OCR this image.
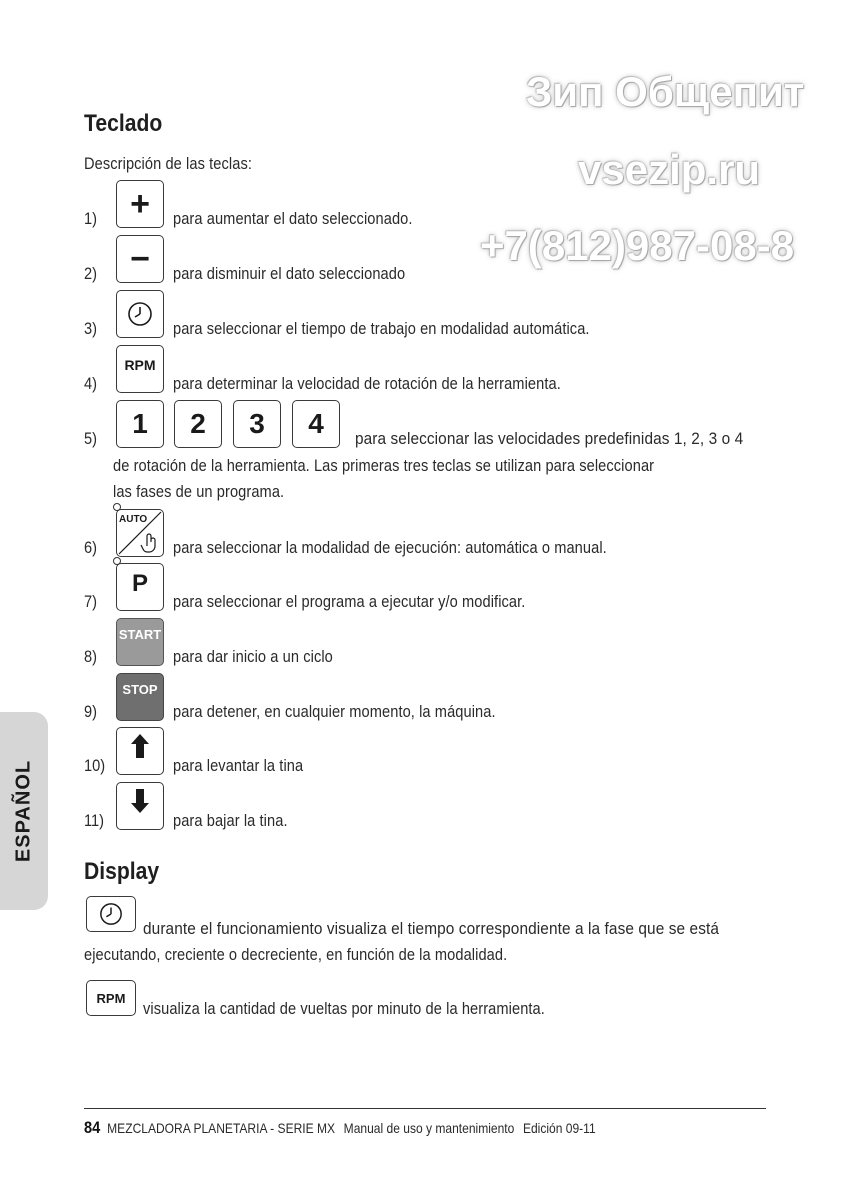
Зип Общепит
vsezip.ru
+7(812)987-08-8
Teclado
Descripción de las teclas:
1) + para aumentar el dato seleccionado.
2) − para disminuir el dato seleccionado
3)	para seleccionar el tiempo de trabajo en modalidad automática.
4)
RPM
para determinar la velocidad de rotación de la herramienta.
5) 1 2 3 4 para seleccionar las velocidades predefinidas 1, 2, 3 o 4
de rotación de la herramienta. Las primeras tres teclas se utilizan para seleccionar
las fases de un programa.
6)
AUTO
para seleccionar la modalidad de ejecución: automática o manual.
7)
P
para seleccionar el programa a ejecutar y/o modificar.
8)
START
para dar inicio a un ciclo
9)
STOP
para detener, en cualquier momento, la máquina.
10)	para levantar la tina
11)	para bajar la tina.
Display
durante el funcionamiento visualiza el tiempo correspondiente a la fase que se está
ejecutando, creciente o decreciente, en función de la modalidad.
RPM
visualiza la cantidad de vueltas por minuto de la herramienta.
ESPAÑOL
84 MEZCLADORA PLANETARIA - SERIE MX Manual de uso y mantenimiento Edición 09-11
